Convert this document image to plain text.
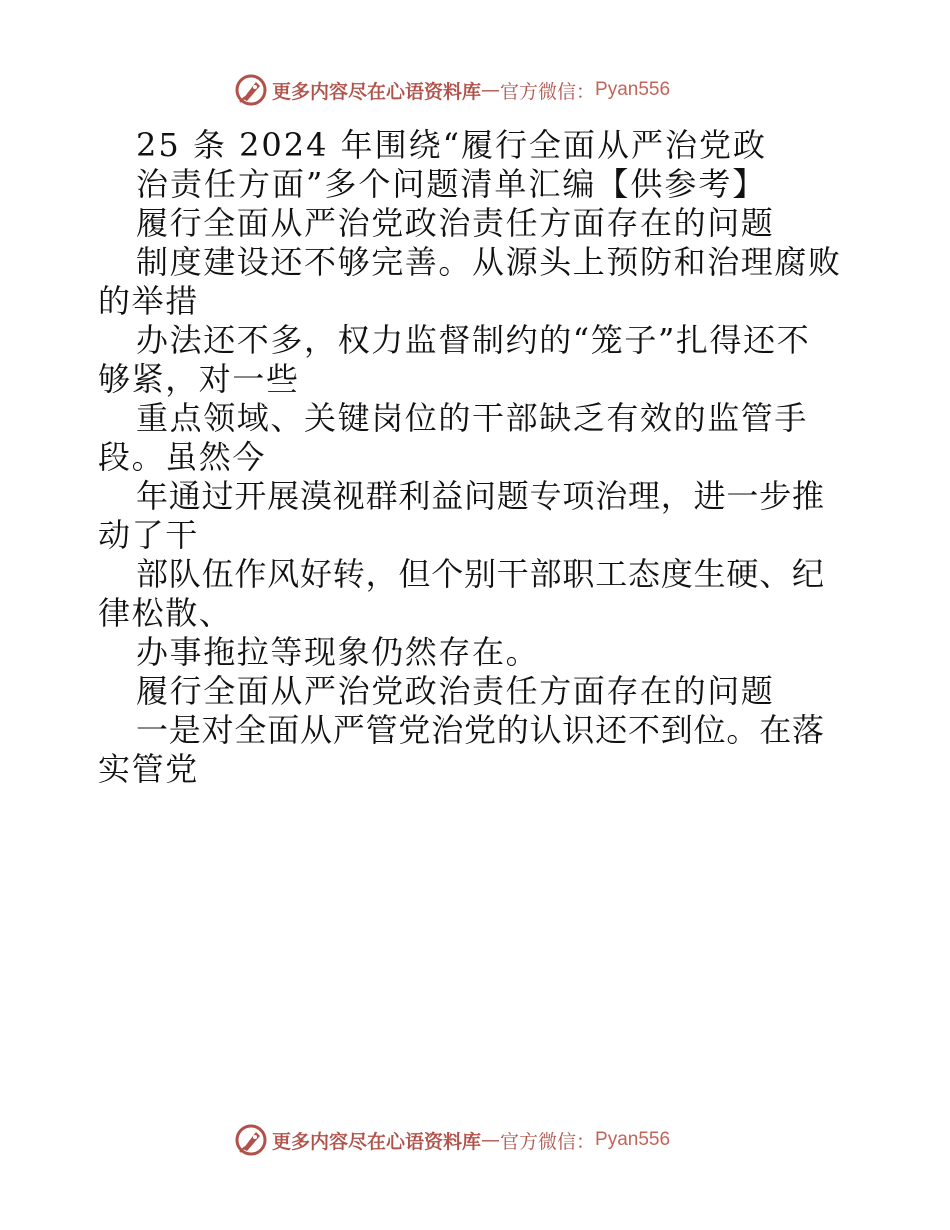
更多内容尽在心语资料库 — 官方微信： Pyan556
25 条 2024 年围绕“履行全面从严治党政
治责任方面”多个问题清单汇编【供参考】
履行全面从严治党政治责任方面存在的问题
制度建设还不够完善。从源头上预防和治理腐败
的举措
办法还不多，权力监督制约的“笼子”扎得还不
够紧，对一些
重点领域、关键岗位的干部缺乏有效的监管手
段。虽然今
年通过开展漠视群利益问题专项治理，进一步推
动了干
部队伍作风好转，但个别干部职工态度生硬、纪
律松散、
办事拖拉等现象仍然存在。
履行全面从严治党政治责任方面存在的问题
一是对全面从严管党治党的认识还不到位。在落
实管党
更多内容尽在心语资料库 — 官方微信： Pyan556
